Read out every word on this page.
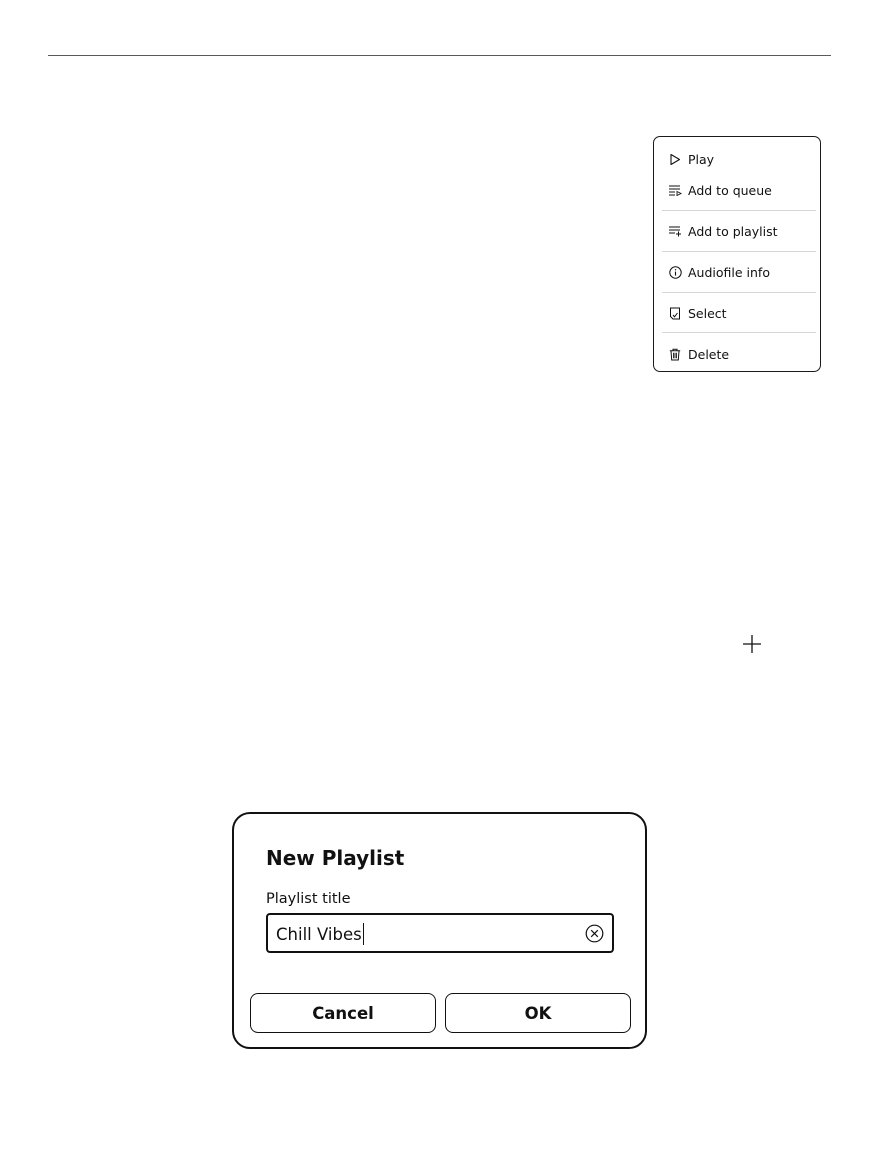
Play
Add to queue
Add to playlist
Audiofile info
Select
Delete
New Playlist
Playlist title
Chill Vibes
Cancel	OK
